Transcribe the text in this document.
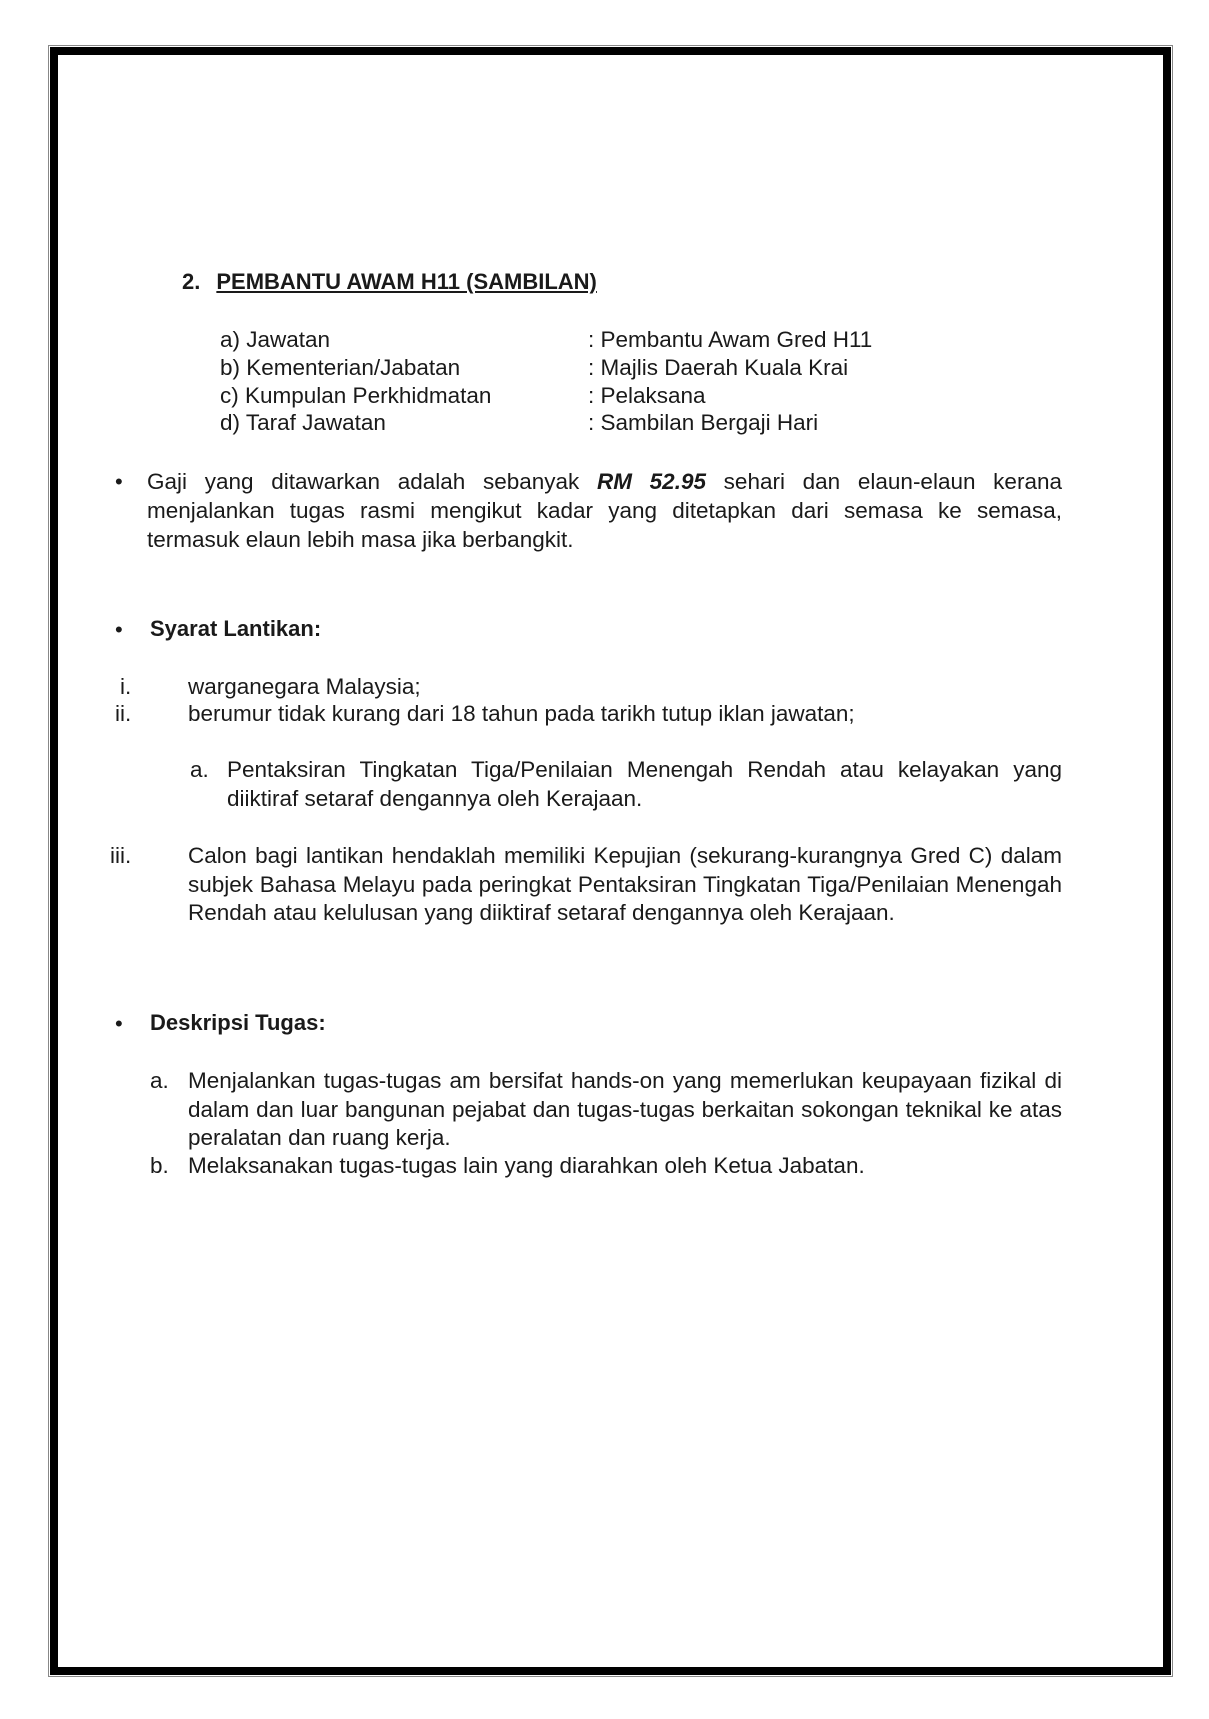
2. PEMBANTU AWAM H11 (SAMBILAN)
a) Jawatan	: Pembantu Awam Gred H11
b) Kementerian/Jabatan	: Majlis Daerah Kuala Krai
c) Kumpulan Perkhidmatan	: Pelaksana
d) Taraf Jawatan	: Sambilan Bergaji Hari
• Gaji yang ditawarkan adalah sebanyak RM 52.95 sehari dan elaun-elaun kerana menjalankan tugas rasmi mengikut kadar yang ditetapkan dari semasa ke semasa, termasuk elaun lebih masa jika berbangkit.
• Syarat Lantikan:
i.	warganegara Malaysia;
ii.	berumur tidak kurang dari 18 tahun pada tarikh tutup iklan jawatan;
a. Pentaksiran Tingkatan Tiga/Penilaian Menengah Rendah atau kelayakan yang diiktiraf setaraf dengannya oleh Kerajaan.
iii.	Calon bagi lantikan hendaklah memiliki Kepujian (sekurang-kurangnya Gred C) dalam subjek Bahasa Melayu pada peringkat Pentaksiran Tingkatan Tiga/Penilaian Menengah Rendah atau kelulusan yang diiktiraf setaraf dengannya oleh Kerajaan.
• Deskripsi Tugas:
a. Menjalankan tugas-tugas am bersifat hands-on yang memerlukan keupayaan fizikal di dalam dan luar bangunan pejabat dan tugas-tugas berkaitan sokongan teknikal ke atas peralatan dan ruang kerja.
b. Melaksanakan tugas-tugas lain yang diarahkan oleh Ketua Jabatan.
